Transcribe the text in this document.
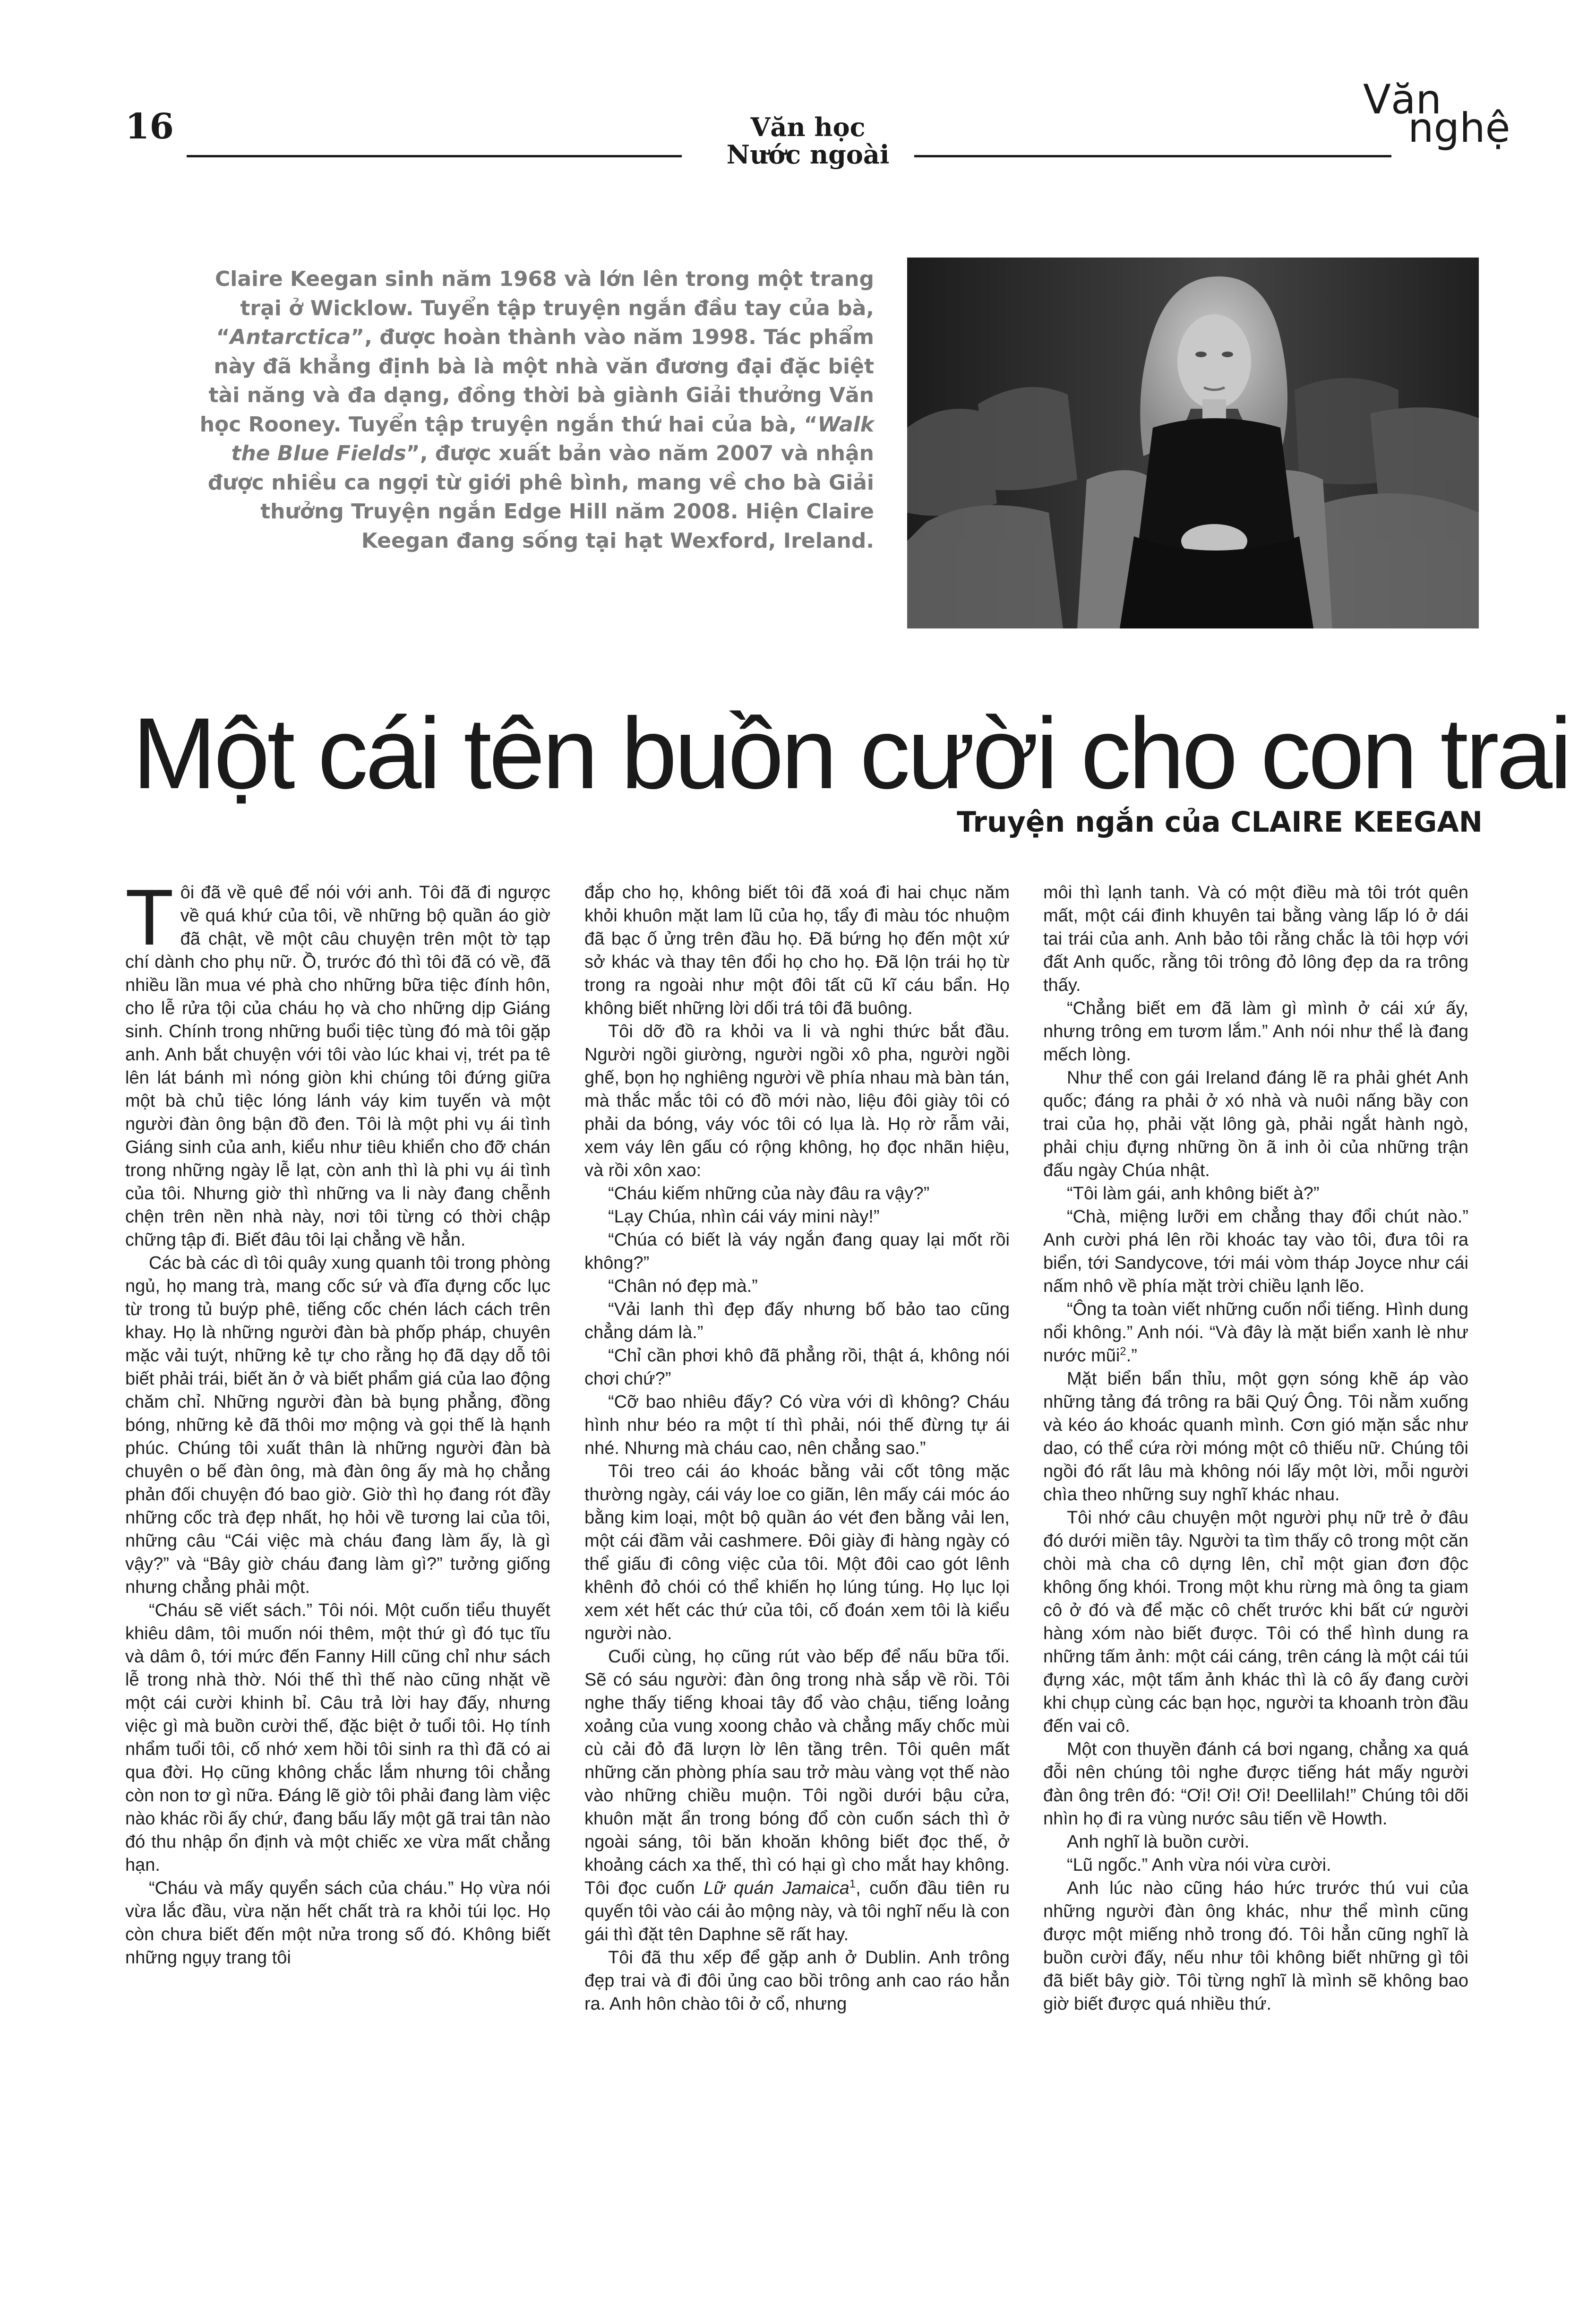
16	Văn học
Nước ngoài
Văn
nghệ

Claire Keegan sinh năm 1968 và lớn lên trong một trang trại ở Wicklow. Tuyển tập truyện ngắn đầu tay của bà, “Antarctica”, được hoàn thành vào năm 1998. Tác phẩm này đã khẳng định bà là một nhà văn đương đại đặc biệt tài năng và đa dạng, đồng thời bà giành Giải thưởng Văn học Rooney. Tuyển tập truyện ngắn thứ hai của bà, “Walk the Blue Fields”, được xuất bản vào năm 2007 và nhận được nhiều ca ngợi từ giới phê bình, mang về cho bà Giải thưởng Truyện ngắn Edge Hill năm 2008. Hiện Claire Keegan đang sống tại hạt Wexford, Ireland.

Một cái tên buồn cười cho con trai
Truyện ngắn của CLAIRE KEEGAN

Tôi đã về quê để nói với anh. Tôi đã đi ngược về quá khứ của tôi, về những bộ quần áo giờ đã chật, về một câu chuyện trên một tờ tạp chí dành cho phụ nữ. Ồ, trước đó thì tôi đã có về, đã nhiều lần mua vé phà cho những bữa tiệc đính hôn, cho lễ rửa tội của cháu họ và cho những dịp Giáng sinh. Chính trong những buổi tiệc tùng đó mà tôi gặp anh. Anh bắt chuyện với tôi vào lúc khai vị, trét pa tê lên lát bánh mì nóng giòn khi chúng tôi đứng giữa một bà chủ tiệc lóng lánh váy kim tuyến và một người đàn ông bận đồ đen. Tôi là một phi vụ ái tình Giáng sinh của anh, kiểu như tiêu khiển cho đỡ chán trong những ngày lễ lạt, còn anh thì là phi vụ ái tình của tôi. Nhưng giờ thì những va li này đang chễnh chện trên nền nhà này, nơi tôi từng có thời chập chững tập đi. Biết đâu tôi lại chẳng về hẳn.

Các bà các dì tôi quây xung quanh tôi trong phòng ngủ, họ mang trà, mang cốc sứ và đĩa đựng cốc lục từ trong tủ buýp phê, tiếng cốc chén lách cách trên khay. Họ là những người đàn bà phốp pháp, chuyên mặc vải tuýt, những kẻ tự cho rằng họ đã dạy dỗ tôi biết phải trái, biết ăn ở và biết phẩm giá của lao động chăm chỉ. Những người đàn bà bụng phẳng, đồng bóng, những kẻ đã thôi mơ mộng và gọi thế là hạnh phúc. Chúng tôi xuất thân là những người đàn bà chuyên o bế đàn ông, mà đàn ông ấy mà họ chẳng phản đối chuyện đó bao giờ. Giờ thì họ đang rót đầy những cốc trà đẹp nhất, họ hỏi về tương lai của tôi, những câu “Cái việc mà cháu đang làm ấy, là gì vậy?” và “Bây giờ cháu đang làm gì?” tưởng giống nhưng chẳng phải một.

“Cháu sẽ viết sách.” Tôi nói. Một cuốn tiểu thuyết khiêu dâm, tôi muốn nói thêm, một thứ gì đó tục tĩu và dâm ô, tới mức đến Fanny Hill cũng chỉ như sách lễ trong nhà thờ. Nói thế thì thế nào cũng nhặt về một cái cười khinh bỉ. Câu trả lời hay đấy, nhưng việc gì mà buồn cười thế, đặc biệt ở tuổi tôi. Họ tính nhẩm tuổi tôi, cố nhớ xem hồi tôi sinh ra thì đã có ai qua đời. Họ cũng không chắc lắm nhưng tôi chẳng còn non tơ gì nữa. Đáng lẽ giờ tôi phải đang làm việc nào khác rồi ấy chứ, đang bấu lấy một gã trai tân nào đó thu nhập ổn định và một chiếc xe vừa mất chẳng hạn.

“Cháu và mấy quyển sách của cháu.” Họ vừa nói vừa lắc đầu, vừa nặn hết chất trà ra khỏi túi lọc. Họ còn chưa biết đến một nửa trong số đó. Không biết những ngụy trang tôi

đắp cho họ, không biết tôi đã xoá đi hai chục năm khỏi khuôn mặt lam lũ của họ, tẩy đi màu tóc nhuộm đã bạc ố ửng trên đầu họ. Đã bứng họ đến một xứ sở khác và thay tên đổi họ cho họ. Đã lộn trái họ từ trong ra ngoài như một đôi tất cũ kĩ cáu bẩn. Họ không biết những lời dối trá tôi đã buông.

Tôi dỡ đồ ra khỏi va li và nghi thức bắt đầu. Người ngồi giường, người ngồi xô pha, người ngồi ghế, bọn họ nghiêng người về phía nhau mà bàn tán, mà thắc mắc tôi có đồ mới nào, liệu đôi giày tôi có phải da bóng, váy vóc tôi có lụa là. Họ rờ rẫm vải, xem váy lên gấu có rộng không, họ đọc nhãn hiệu, và rồi xôn xao:

“Cháu kiếm những của này đâu ra vậy?”

“Lạy Chúa, nhìn cái váy mini này!”

“Chúa có biết là váy ngắn đang quay lại mốt rồi không?”

“Chân nó đẹp mà.”

“Vải lanh thì đẹp đấy nhưng bố bảo tao cũng chẳng dám là.”

“Chỉ cần phơi khô đã phẳng rồi, thật á, không nói chơi chứ?”

“Cỡ bao nhiêu đấy? Có vừa với dì không? Cháu hình như béo ra một tí thì phải, nói thế đừng tự ái nhé. Nhưng mà cháu cao, nên chẳng sao.”

Tôi treo cái áo khoác bằng vải cốt tông mặc thường ngày, cái váy loe co giãn, lên mấy cái móc áo bằng kim loại, một bộ quần áo vét đen bằng vải len, một cái đầm vải cashmere. Đôi giày đi hàng ngày có thể giấu đi công việc của tôi. Một đôi cao gót lênh khênh đỏ chói có thể khiến họ lúng túng. Họ lục lọi xem xét hết các thứ của tôi, cố đoán xem tôi là kiểu người nào.

Cuối cùng, họ cũng rút vào bếp để nấu bữa tối. Sẽ có sáu người: đàn ông trong nhà sắp về rồi. Tôi nghe thấy tiếng khoai tây đổ vào chậu, tiếng loảng xoảng của vung xoong chảo và chẳng mấy chốc mùi cù cải đỏ đã lượn lờ lên tầng trên. Tôi quên mất những căn phòng phía sau trở màu vàng vọt thế nào vào những chiều muộn. Tôi ngồi dưới bậu cửa, khuôn mặt ẩn trong bóng đổ còn cuốn sách thì ở ngoài sáng, tôi băn khoăn không biết đọc thế, ở khoảng cách xa thế, thì có hại gì cho mắt hay không. Tôi đọc cuốn Lữ quán Jamaica$^1$, cuốn đầu tiên ru quyến tôi vào cái ảo mộng này, và tôi nghĩ nếu là con gái thì đặt tên Daphne sẽ rất hay.

Tôi đã thu xếp để gặp anh ở Dublin. Anh trông đẹp trai và đi đôi ủng cao bồi trông anh cao ráo hẳn ra. Anh hôn chào tôi ở cổ, nhưng

môi thì lạnh tanh. Và có một điều mà tôi trót quên mất, một cái đinh khuyên tai bằng vàng lấp ló ở dái tai trái của anh. Anh bảo tôi rằng chắc là tôi hợp với đất Anh quốc, rằng tôi trông đỏ lông đẹp da ra trông thấy.

“Chẳng biết em đã làm gì mình ở cái xứ ấy, nhưng trông em tươm lắm.” Anh nói như thể là đang mếch lòng.

Như thể con gái Ireland đáng lẽ ra phải ghét Anh quốc; đáng ra phải ở xó nhà và nuôi nấng bầy con trai của họ, phải vặt lông gà, phải ngắt hành ngò, phải chịu đựng những ồn ã inh ỏi của những trận đấu ngày Chúa nhật.

“Tôi làm gái, anh không biết à?”

“Chà, miệng lưỡi em chẳng thay đổi chút nào.” Anh cười phá lên rồi khoác tay vào tôi, đưa tôi ra biển, tới Sandycove, tới mái vòm tháp Joyce như cái nấm nhô về phía mặt trời chiều lạnh lẽo.

“Ông ta toàn viết những cuốn nổi tiếng. Hình dung nổi không.” Anh nói. “Và đây là mặt biển xanh lè như nước mũi$^2$.”

Mặt biển bẩn thỉu, một gợn sóng khẽ áp vào những tảng đá trông ra bãi Quý Ông. Tôi nằm xuống và kéo áo khoác quanh mình. Cơn gió mặn sắc như dao, có thể cứa rời móng một cô thiếu nữ. Chúng tôi ngồi đó rất lâu mà không nói lấy một lời, mỗi người chìa theo những suy nghĩ khác nhau.

Tôi nhớ câu chuyện một người phụ nữ trẻ ở đâu đó dưới miền tây. Người ta tìm thấy cô trong một căn chòi mà cha cô dựng lên, chỉ một gian đơn độc không ống khói. Trong một khu rừng mà ông ta giam cô ở đó và để mặc cô chết trước khi bất cứ người hàng xóm nào biết được. Tôi có thể hình dung ra những tấm ảnh: một cái cáng, trên cáng là một cái túi đựng xác, một tấm ảnh khác thì là cô ấy đang cười khi chụp cùng các bạn học, người ta khoanh tròn đầu đến vai cô.

Một con thuyền đánh cá bơi ngang, chẳng xa quá đỗi nên chúng tôi nghe được tiếng hát mấy người đàn ông trên đó: “Ơi! Ơi! Ơi! Deellilah!” Chúng tôi dõi nhìn họ đi ra vùng nước sâu tiến về Howth.

Anh nghĩ là buồn cười.

“Lũ ngốc.” Anh vừa nói vừa cười.

Anh lúc nào cũng háo hức trước thú vui của những người đàn ông khác, như thể mình cũng được một miếng nhỏ trong đó. Tôi hẳn cũng nghĩ là buồn cười đấy, nếu như tôi không biết những gì tôi đã biết bây giờ. Tôi từng nghĩ là mình sẽ không bao giờ biết được quá nhiều thứ.
